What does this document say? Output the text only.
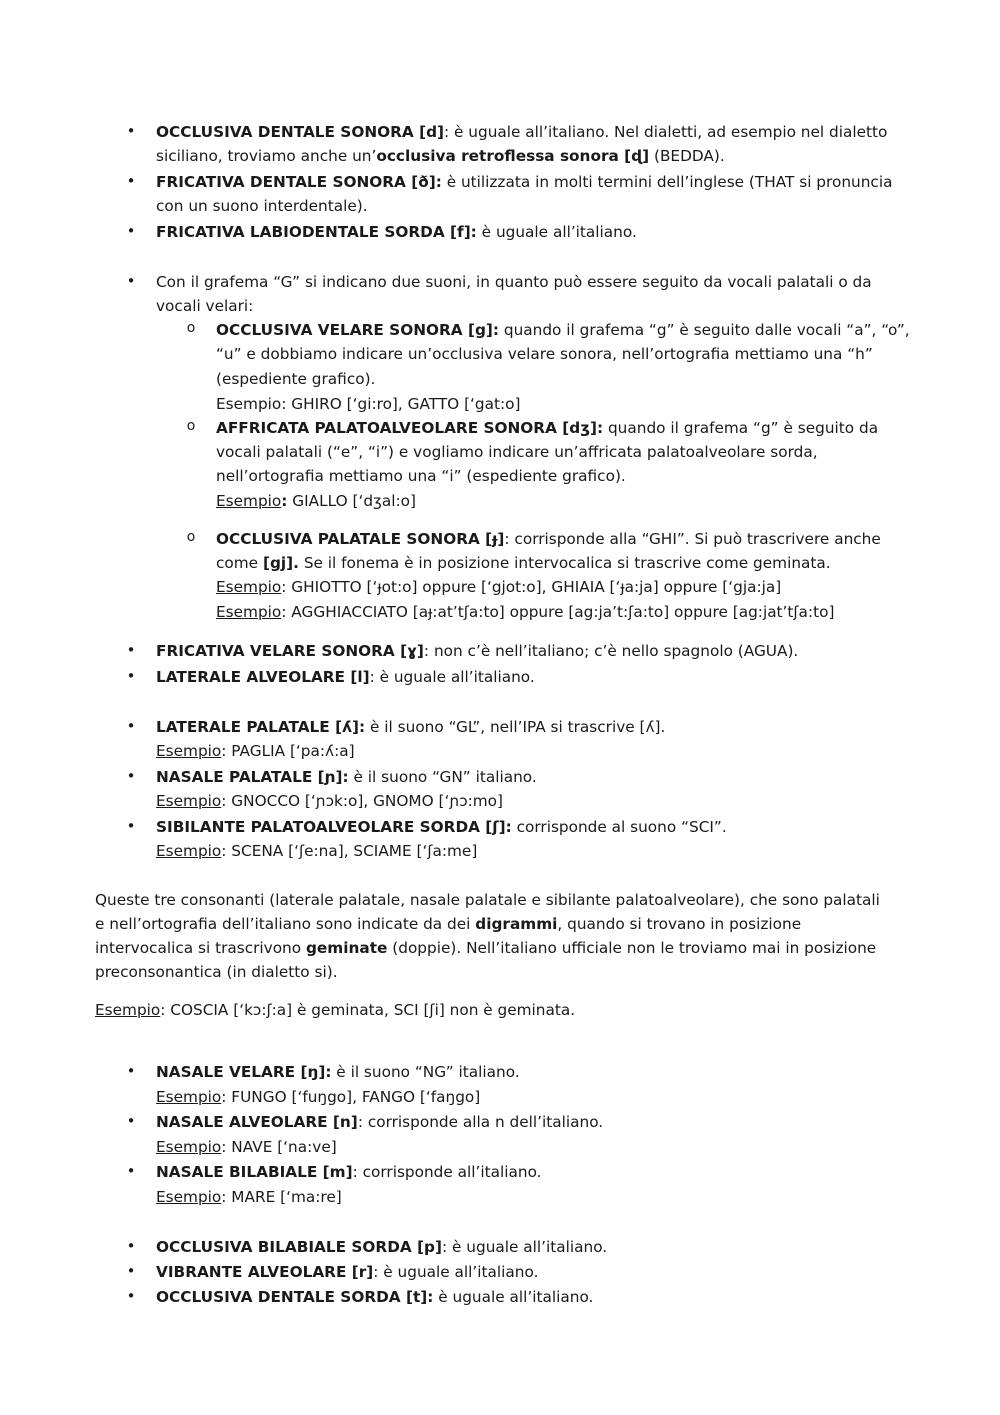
• OCCLUSIVA DENTALE SONORA [d]: è uguale all’italiano. Nel dialetti, ad esempio nel dialetto
siciliano, troviamo anche un’occlusiva retroflessa sonora [ɖ] (BEDDA).
• FRICATIVA DENTALE SONORA [ð]: è utilizzata in molti termini dell’inglese (THAT si pronuncia
con un suono interdentale).
• FRICATIVA LABIODENTALE SORDA [f]: è uguale all’italiano.
• Con il grafema “G” si indicano due suoni, in quanto può essere seguito da vocali palatali o da
vocali velari:
o OCCLUSIVA VELARE SONORA [g]: quando il grafema “g” è seguito dalle vocali “a”, “o”,
“u” e dobbiamo indicare un’occlusiva velare sonora, nell’ortografia mettiamo una “h”
(espediente grafico).
Esempio: GHIRO [‘gi:ro], GATTO [‘gat:o]
o AFFRICATA PALATOALVEOLARE SONORA [dʒ]: quando il grafema “g” è seguito da
vocali palatali (“e”, “i”) e vogliamo indicare un’affricata palatoalveolare sorda,
nell’ortografia mettiamo una “i” (espediente grafico).
Esempio: GIALLO [‘dʒal:o]
o OCCLUSIVA PALATALE SONORA [ɟ]: corrisponde alla “GHI”. Si può trascrivere anche
come [gj]. Se il fonema è in posizione intervocalica si trascrive come geminata.
Esempio: GHIOTTO [‘ɟot:o] oppure [‘gjot:o], GHIAIA [‘ɟa:ja] oppure [‘gja:ja]
Esempio: AGGHIACCIATO [aɟ:at’tʃa:to] oppure [ag:ja’t:ʃa:to] oppure [ag:jat’tʃa:to]
• FRICATIVA VELARE SONORA [ɣ]: non c’è nell’italiano; c’è nello spagnolo (AGUA).
• LATERALE ALVEOLARE [l]: è uguale all’italiano.
• LATERALE PALATALE [ʎ]: è il suono “GL”, nell’IPA si trascrive [ʎ].
Esempio: PAGLIA [‘pa:ʎ:a]
• NASALE PALATALE [ɲ]: è il suono “GN” italiano.
Esempio: GNOCCO [‘ɲɔk:o], GNOMO [‘ɲɔ:mo]
• SIBILANTE PALATOALVEOLARE SORDA [ʃ]: corrisponde al suono “SCI”.
Esempio: SCENA [‘ʃe:na], SCIAME [‘ʃa:me]
Queste tre consonanti (laterale palatale, nasale palatale e sibilante palatoalveolare), che sono palatali
e nell’ortografia dell’italiano sono indicate da dei digrammi, quando si trovano in posizione
intervocalica si trascrivono geminate (doppie). Nell’italiano ufficiale non le troviamo mai in posizione
preconsonantica (in dialetto si).
Esempio: COSCIA [‘kɔ:ʃ:a] è geminata, SCI [ʃi] non è geminata.
• NASALE VELARE [ŋ]: è il suono “NG” italiano.
Esempio: FUNGO [‘fuŋgo], FANGO [‘faŋgo]
• NASALE ALVEOLARE [n]: corrisponde alla n dell’italiano.
Esempio: NAVE [‘na:ve]
• NASALE BILABIALE [m]: corrisponde all’italiano.
Esempio: MARE [‘ma:re]
• OCCLUSIVA BILABIALE SORDA [p]: è uguale all’italiano.
• VIBRANTE ALVEOLARE [r]: è uguale all’italiano.
• OCCLUSIVA DENTALE SORDA [t]: è uguale all’italiano.
